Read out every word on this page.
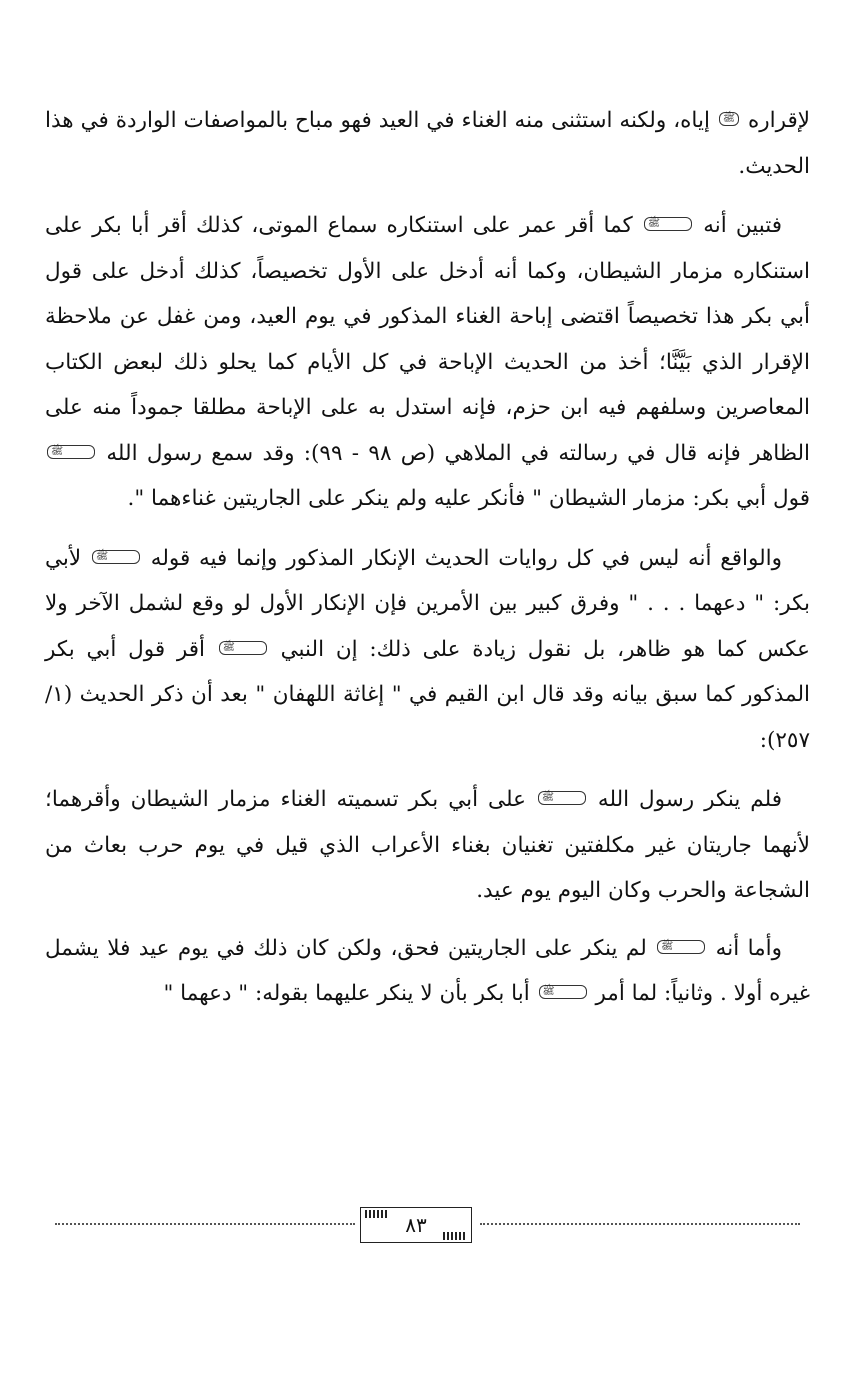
لإقراره ﷺ إياه، ولكنه استثنى منه الغناء في العيد فهو مباح بالمواصفات الواردة في هذا الحديث.

فتبين أنه ﷺ كما أقر عمر على استنكاره سماع الموتى، كذلك أقر أبا بكر على استنكاره مزمار الشيطان، وكما أنه أدخل على الأول تخصيصاً، كذلك أدخل على قول أبي بكر هذا تخصيصاً اقتضى إباحة الغناء المذكور في يوم العيد، ومن غفل عن ملاحظة الإقرار الذي بَيَّنَّا؛ أخذ من الحديث الإباحة في كل الأيام كما يحلو ذلك لبعض الكتاب المعاصرين وسلفهم فيه ابن حزم، فإنه استدل به على الإباحة مطلقا جموداً منه على الظاهر فإنه قال في رسالته في الملاهي (ص ٩٨ - ٩٩): وقد سمع رسول الله ﷺ قول أبي بكر: مزمار الشيطان " فأنكر عليه ولم ينكر على الجاريتين غناءهما ".

والواقع أنه ليس في كل روايات الحديث الإنكار المذكور وإنما فيه قوله ﷺ لأبي بكر: " دعهما . . . " وفرق كبير بين الأمرين فإن الإنكار الأول لو وقع لشمل الآخر ولا عكس كما هو ظاهر، بل نقول زيادة على ذلك: إن النبي ﷺ أقر قول أبي بكر المذكور كما سبق بيانه وقد قال ابن القيم في " إغاثة اللهفان " بعد أن ذكر الحديث (١/ ٢٥٧):

فلم ينكر رسول الله ﷺ على أبي بكر تسميته الغناء مزمار الشيطان وأقرهما؛ لأنهما جاريتان غير مكلفتين تغنيان بغناء الأعراب الذي قيل في يوم حرب بعاث من الشجاعة والحرب وكان اليوم يوم عيد.

وأما أنه ﷺ لم ينكر على الجاريتين فحق، ولكن كان ذلك في يوم عيد فلا يشمل غيره أولا . وثانياً: لما أمر ﷺ أبا بكر بأن لا ينكر عليهما بقوله: " دعهما "

٨٣
